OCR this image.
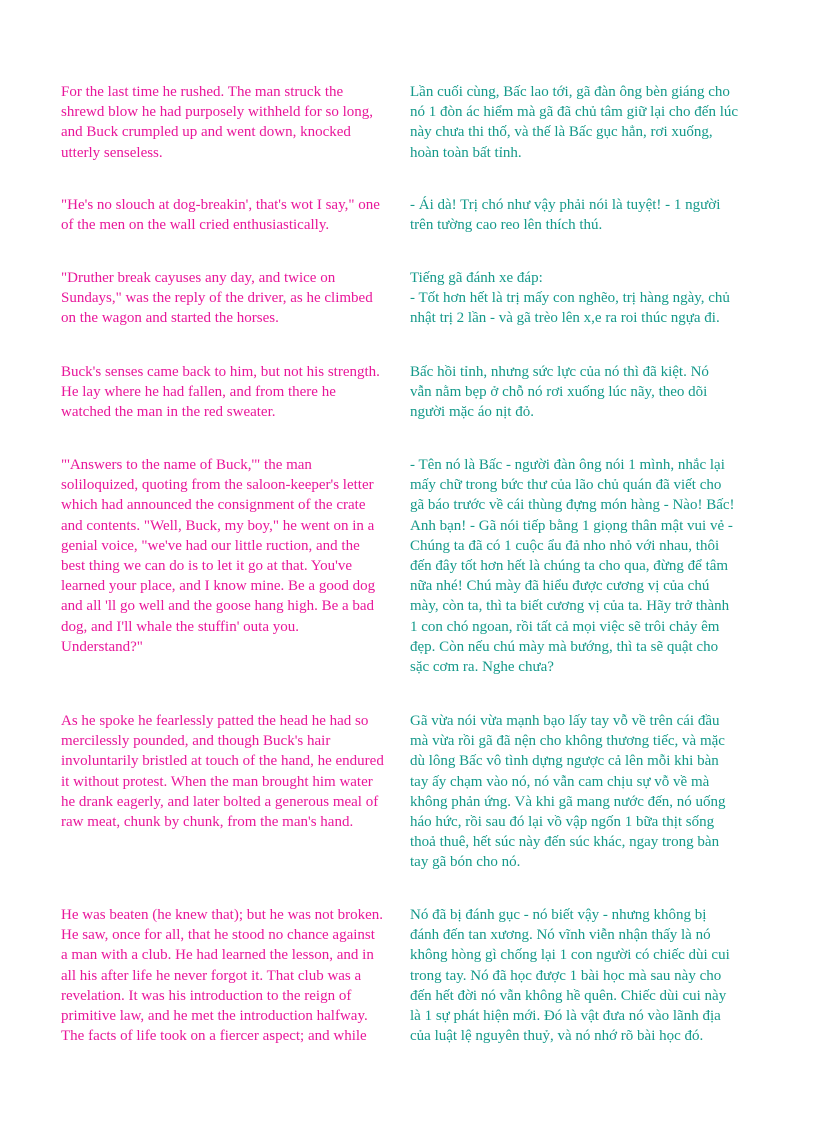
For the last time he rushed. The man struck the
shrewd blow he had purposely withheld for so long,
and Buck crumpled up and went down, knocked
utterly senseless.

Lần cuối cùng, Bấc lao tới, gã đàn ông bèn giáng cho
nó 1 đòn ác hiểm mà gã đã chủ tâm giữ lại cho đến lúc
này chưa thi thố, và thế là Bấc gục hẳn, rơi xuống,
hoàn toàn bất tỉnh.

"He's no slouch at dog-breakin', that's wot I say," one
of the men on the wall cried enthusiastically.

- Ái dà! Trị chó như vậy phải nói là tuyệt! - 1 người
trên tường cao reo lên thích thú.

"Druther break cayuses any day, and twice on
Sundays," was the reply of the driver, as he climbed
on the wagon and started the horses.

Tiếng gã đánh xe đáp:
- Tốt hơn hết là trị mấy con nghẽo, trị hàng ngày, chủ
nhật trị 2 lần - và gã trèo lên x,e ra roi thúc ngựa đi.

Buck's senses came back to him, but not his strength.
He lay where he had fallen, and from there he
watched the man in the red sweater.

Bấc hồi tỉnh, nhưng sức lực của nó thì đã kiệt. Nó
vẫn nằm bẹp ở chỗ nó rơi xuống lúc nãy, theo dõi
người mặc áo nịt đỏ.

"'Answers to the name of Buck,'" the man
soliloquized, quoting from the saloon-keeper's letter
which had announced the consignment of the crate
and contents. "Well, Buck, my boy," he went on in a
genial voice, "we've had our little ruction, and the
best thing we can do is to let it go at that. You've
learned your place, and I know mine. Be a good dog
and all 'll go well and the goose hang high. Be a bad
dog, and I'll whale the stuffin' outa you.
Understand?"

- Tên nó là Bấc - người đàn ông nói 1 mình, nhắc lại
mấy chữ trong bức thư của lão chủ quán đã viết cho
gã báo trước về cái thùng đựng món hàng - Nào! Bấc!
Anh bạn! - Gã nói tiếp bằng 1 giọng thân mật vui vẻ -
Chúng ta đã có 1 cuộc ẩu đả nho nhỏ với nhau, thôi
đến đây tốt hơn hết là chúng ta cho qua, đừng để tâm
nữa nhé! Chú mày đã hiểu được cương vị của chú
mày, còn ta, thì ta biết cương vị của ta. Hãy trở thành
1 con chó ngoan, rồi tất cả mọi việc sẽ trôi chảy êm
đẹp. Còn nếu chú mày mà bướng, thì ta sẽ quật cho
sặc cơm ra. Nghe chưa?

As he spoke he fearlessly patted the head he had so
mercilessly pounded, and though Buck's hair
involuntarily bristled at touch of the hand, he endured
it without protest. When the man brought him water
he drank eagerly, and later bolted a generous meal of
raw meat, chunk by chunk, from the man's hand.

Gã vừa nói vừa mạnh bạo lấy tay vỗ về trên cái đầu
mà vừa rồi gã đã nện cho không thương tiếc, và mặc
dù lông Bấc vô tình dựng ngược cả lên mỗi khi bàn
tay ấy chạm vào nó, nó vẫn cam chịu sự vỗ về mà
không phản ứng. Và khi gã mang nước đến, nó uống
háo hức, rồi sau đó lại vồ vập ngốn 1 bữa thịt sống
thoả thuê, hết súc này đến súc khác, ngay trong bàn
tay gã bón cho nó.

He was beaten (he knew that); but he was not broken.
He saw, once for all, that he stood no chance against
a man with a club. He had learned the lesson, and in
all his after life he never forgot it. That club was a
revelation. It was his introduction to the reign of
primitive law, and he met the introduction halfway.
The facts of life took on a fiercer aspect; and while

Nó đã bị đánh gục - nó biết vậy - nhưng không bị
đánh đến tan xương. Nó vĩnh viễn nhận thấy là nó
không hòng gì chống lại 1 con người có chiếc dùi cui
trong tay. Nó đã học được 1 bài học mà sau này cho
đến hết đời nó vẫn không hề quên. Chiếc dùi cui này
là 1 sự phát hiện mới. Đó là vật đưa nó vào lãnh địa
của luật lệ nguyên thuỷ, và nó nhớ rõ bài học đó.
